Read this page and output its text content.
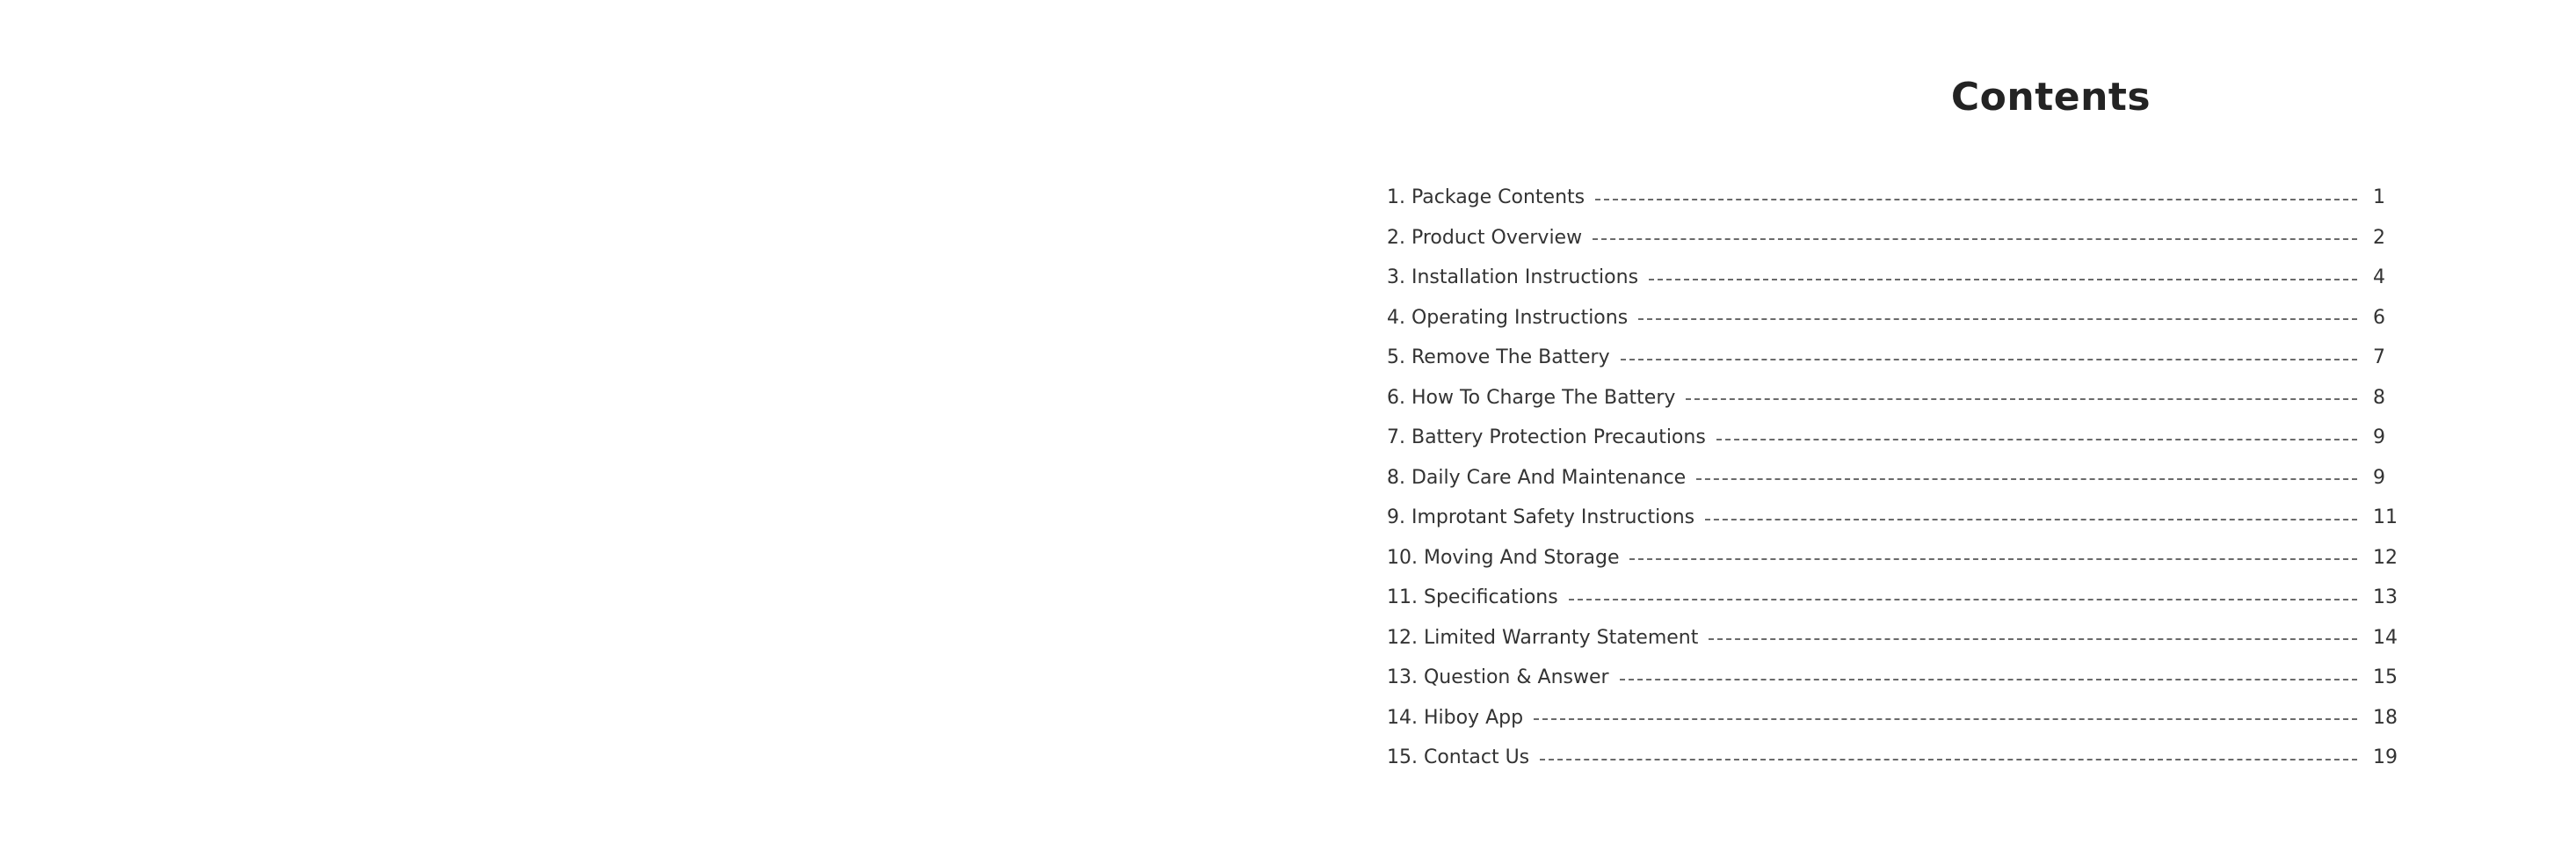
Contents
1. Package Contents	1
2. Product Overview	2
3. Installation Instructions	4
4. Operating Instructions	6
5. Remove The Battery	7
6. How To Charge The Battery	8
7. Battery Protection Precautions	9
8. Daily Care And Maintenance	9
9. Improtant Safety Instructions	11
10. Moving And Storage	12
11. Specifications	13
12. Limited Warranty Statement	14
13. Question & Answer	15
14. Hiboy App	18
15. Contact Us	19
